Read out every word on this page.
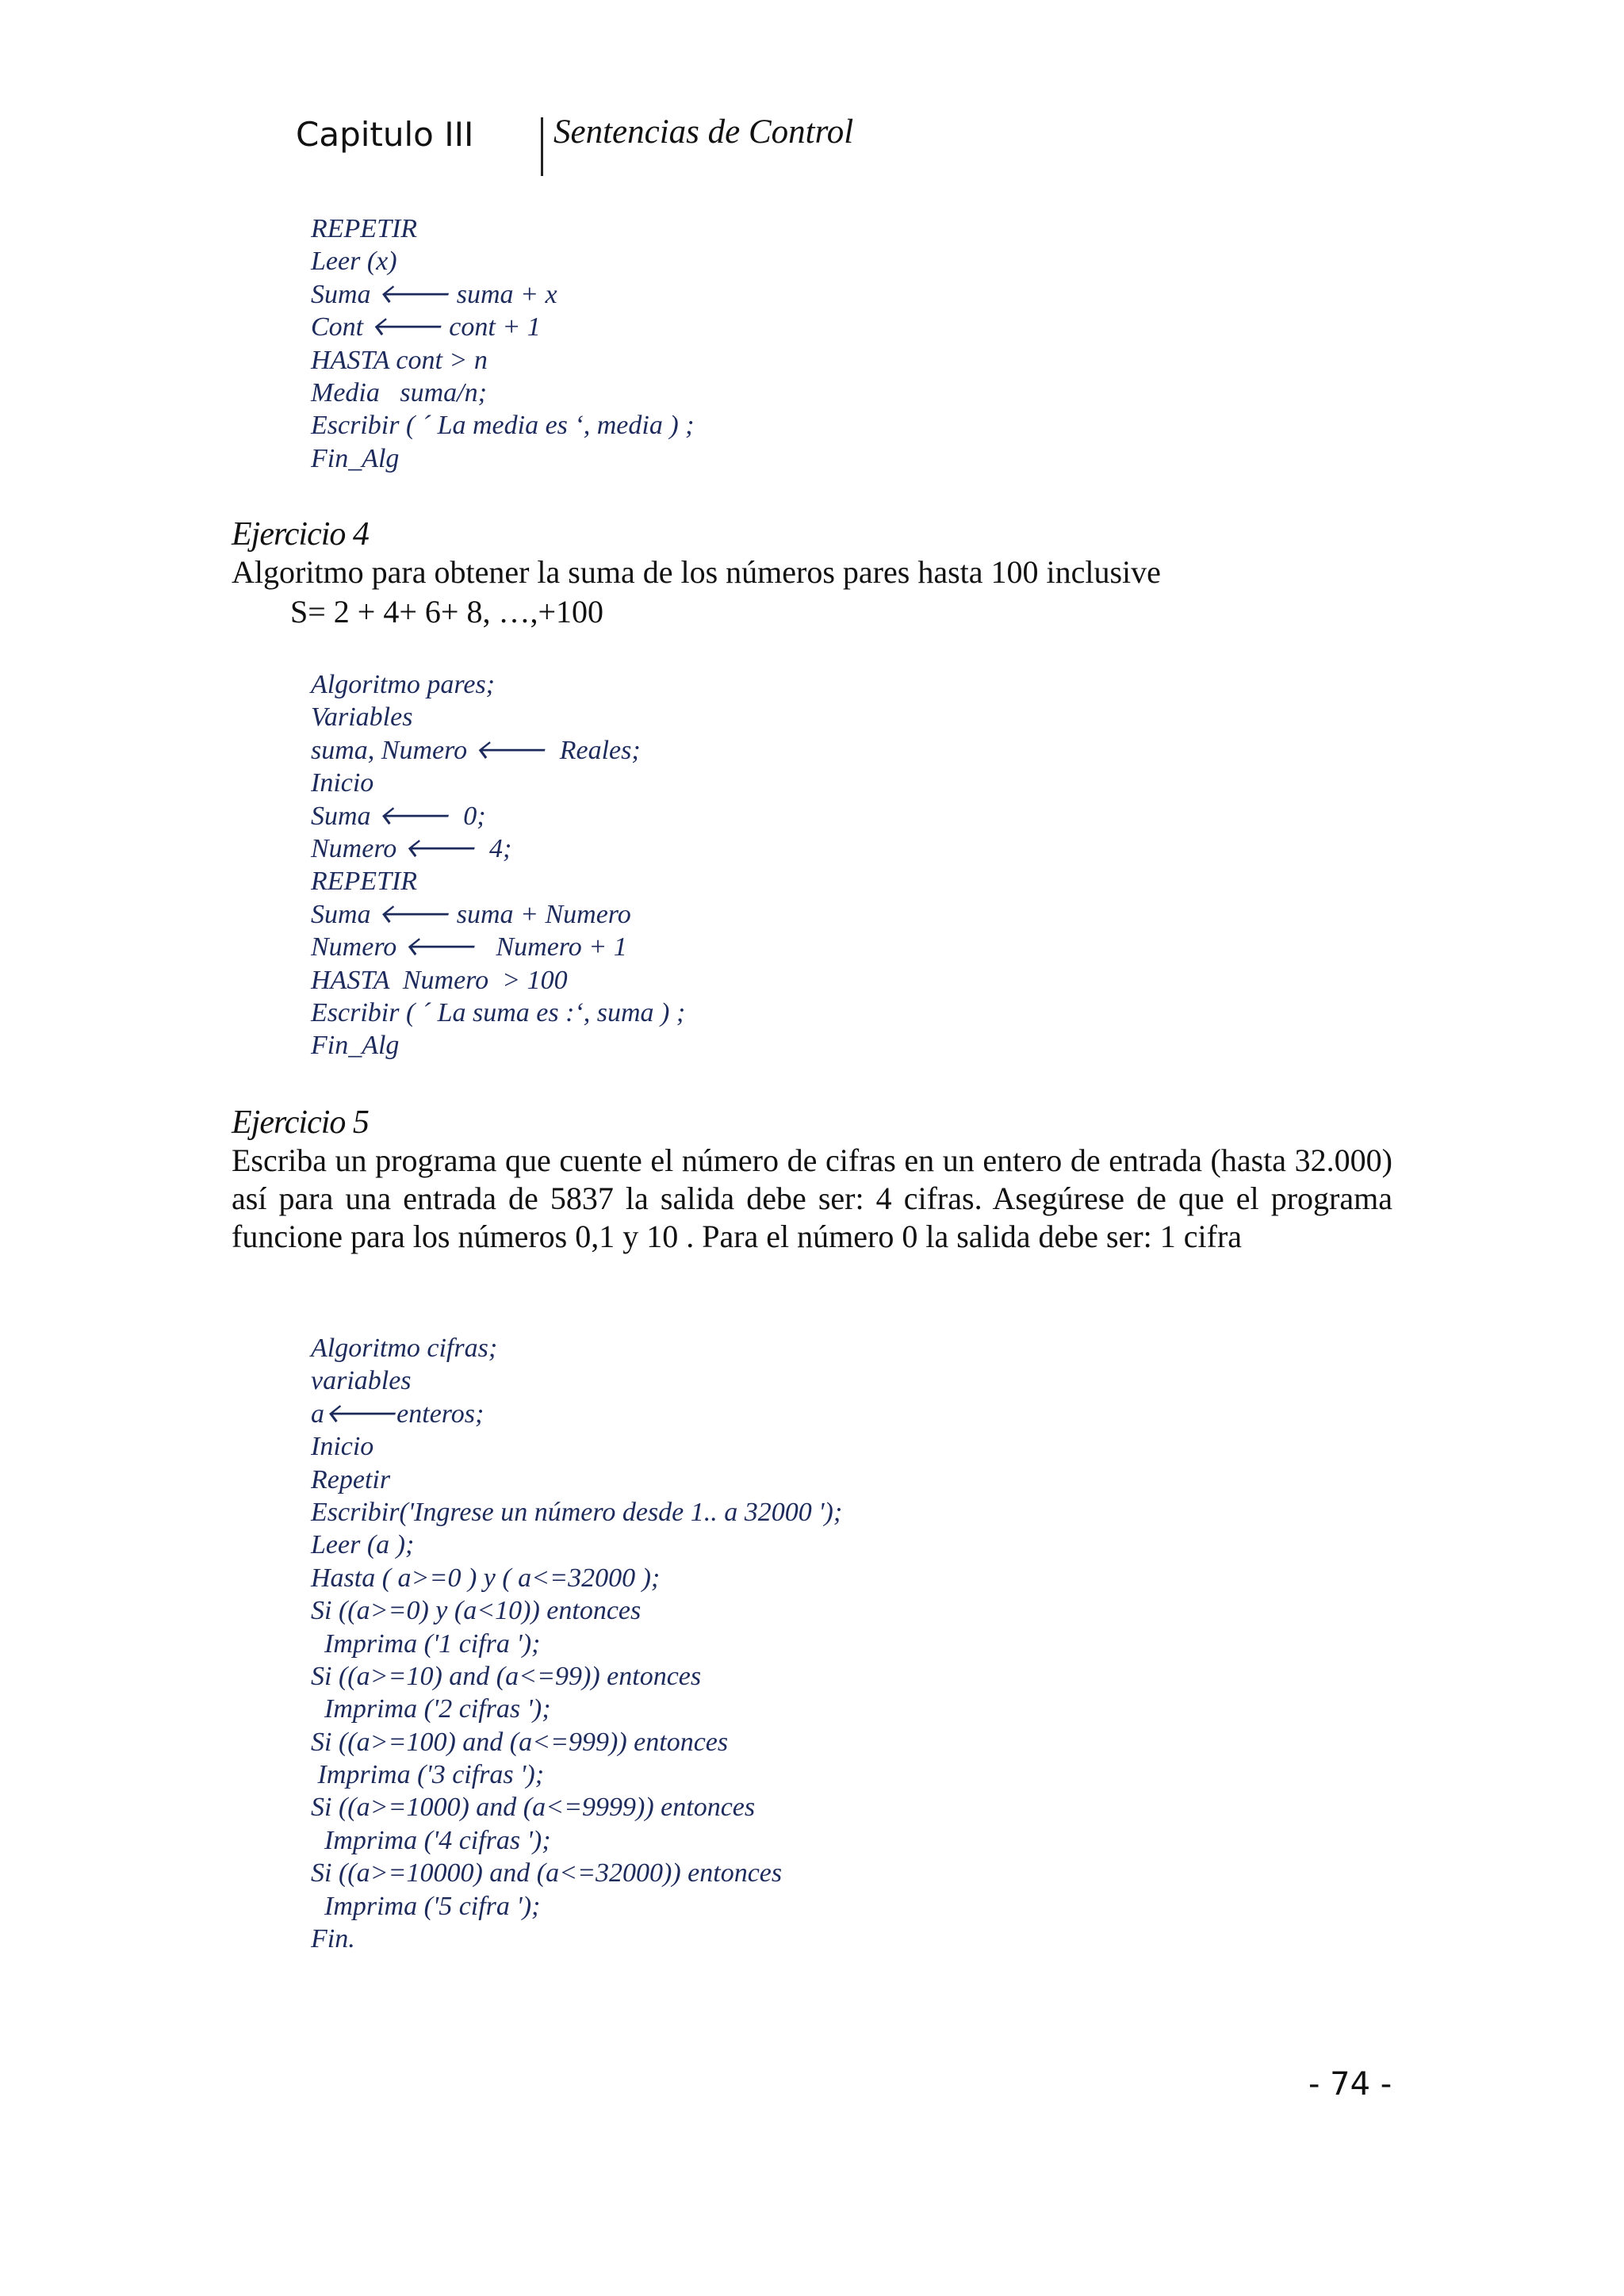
Capitulo III Sentencias de Control
REPETIR
Leer (x)
Suma 🡐 suma + x
Cont 🡐 cont + 1
HASTA cont > n
Media   suma/n;
Escribir ( ´ La media es ‘, media ) ;
Fin_Alg
Ejercicio 4

Algoritmo para obtener la suma de los números pares hasta 100 inclusive

S= 2 + 4+ 6+ 8, …,+100
Algoritmo pares;
Variables
suma, Numero 🡐  Reales;
Inicio
Suma 🡐  0;
Numero 🡐  4;
REPETIR
Suma 🡐 suma + Numero
Numero 🡐   Numero + 1
HASTA  Numero  > 100
Escribir ( ´ La suma es :‘, suma ) ;
Fin_Alg
Ejercicio 5

Escriba un programa que cuente el número de cifras en un entero de entrada (hasta 32.000) así para una entrada de 5837 la salida debe ser: 4 cifras. Asegúrese de que el programa funcione para los números 0,1 y 10 . Para el número 0 la salida debe ser: 1 cifra

Algoritmo cifras;
variables
a🡐enteros;
Inicio
Repetir
Escribir('Ingrese un número desde 1.. a 32000 ');
Leer (a );
Hasta ( a>=0 ) y ( a<=32000 );
Si ((a>=0) y (a<10)) entonces
Imprima ('1 cifra ');
Si ((a>=10) and (a<=99)) entonces
Imprima ('2 cifras ');
Si ((a>=100) and (a<=999)) entonces
Imprima ('3 cifras ');
Si ((a>=1000) and (a<=9999)) entonces
Imprima ('4 cifras ');
Si ((a>=10000) and (a<=32000)) entonces
Imprima ('5 cifra ');
Fin.
- 74 -
